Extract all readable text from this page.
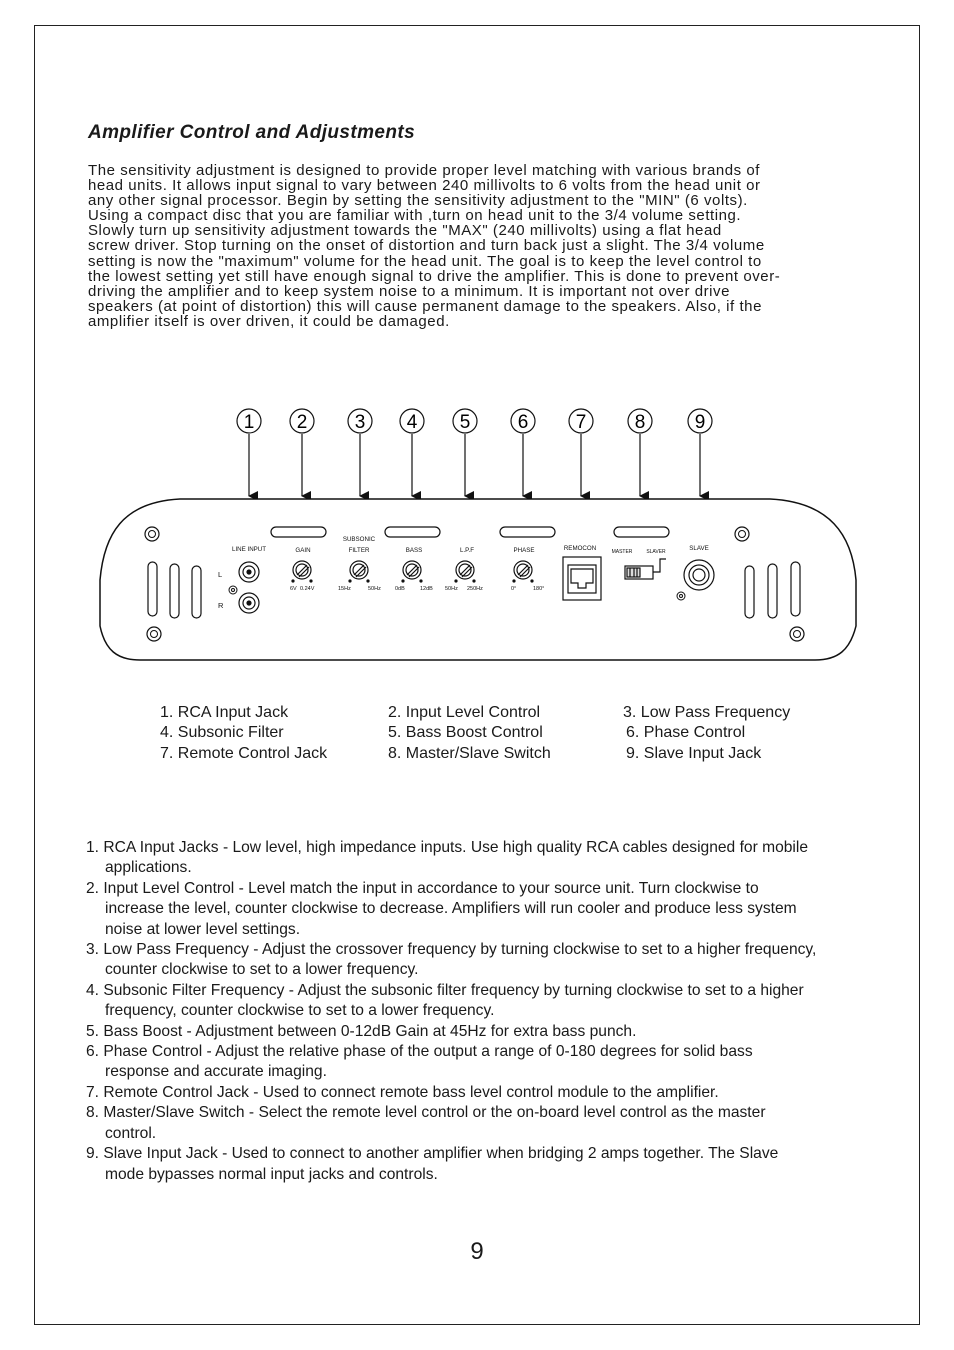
Amplifier Control and Adjustments

The sensitivity adjustment is designed to provide proper level matching with various brands of
head units. It allows input signal to vary between 240 millivolts to 6 volts from the head unit or
any other signal processor. Begin by setting the sensitivity adjustment to the "MIN" (6 volts).
Using a compact disc that you are familiar with ,turn on head unit to the 3/4 volume setting.
Slowly turn up sensitivity adjustment towards the "MAX" (240 millivolts) using a flat head
screw driver. Stop turning on the onset of distortion and turn back just a slight. The 3/4 volume
setting is now the "maximum" volume for the head unit. The goal is to keep the level control to
the lowest setting yet still have enough signal to drive the amplifier. This is done to prevent over-
driving the amplifier and to keep system noise to a minimum. It is important not over drive
speakers (at point of distortion) this will cause permanent damage to the speakers. Also, if the
amplifier itself is over driven, it could be damaged.

1 2 3 4 5 6 7	8	9
LINE INPUT
L
R
GAIN
SUBSONIC
FILTER	BASS	L.P.F	PHASE	REMOCON	MASTER	SLAVER	SLAVE
6V 0.24V	15Hz	50Hz	0dB	12dB 50Hz 250Hz	0°	180°
1. RCA Input Jack	2. Input Level Control	3. Low Pass Frequency
4. Subsonic Filter	5. Bass Boost Control	6. Phase Control
7. Remote Control Jack	8. Master/Slave Switch	9. Slave Input Jack
1. RCA Input Jacks - Low level, high impedance inputs. Use high quality RCA cables designed for mobile
applications.
2. Input Level Control - Level match the input in accordance to your source unit. Turn clockwise to
increase the level, counter clockwise to decrease. Amplifiers will run cooler and produce less system
noise at lower level settings.
3. Low Pass Frequency - Adjust the crossover frequency by turning clockwise to set to a higher frequency,
counter clockwise to set to a lower frequency.
4. Subsonic Filter Frequency - Adjust the subsonic filter frequency by turning clockwise to set to a higher
frequency, counter clockwise to set to a lower frequency.
5. Bass Boost - Adjustment between 0-12dB Gain at 45Hz for extra bass punch.
6. Phase Control - Adjust the relative phase of the output a range of 0-180 degrees for solid bass
response and accurate imaging.
7. Remote Control Jack - Used to connect remote bass level control module to the amplifier.
8. Master/Slave Switch - Select the remote level control or the on-board level control as the master
control.
9. Slave Input Jack - Used to connect to another amplifier when bridging 2 amps together. The Slave
mode bypasses normal input jacks and controls.

9
